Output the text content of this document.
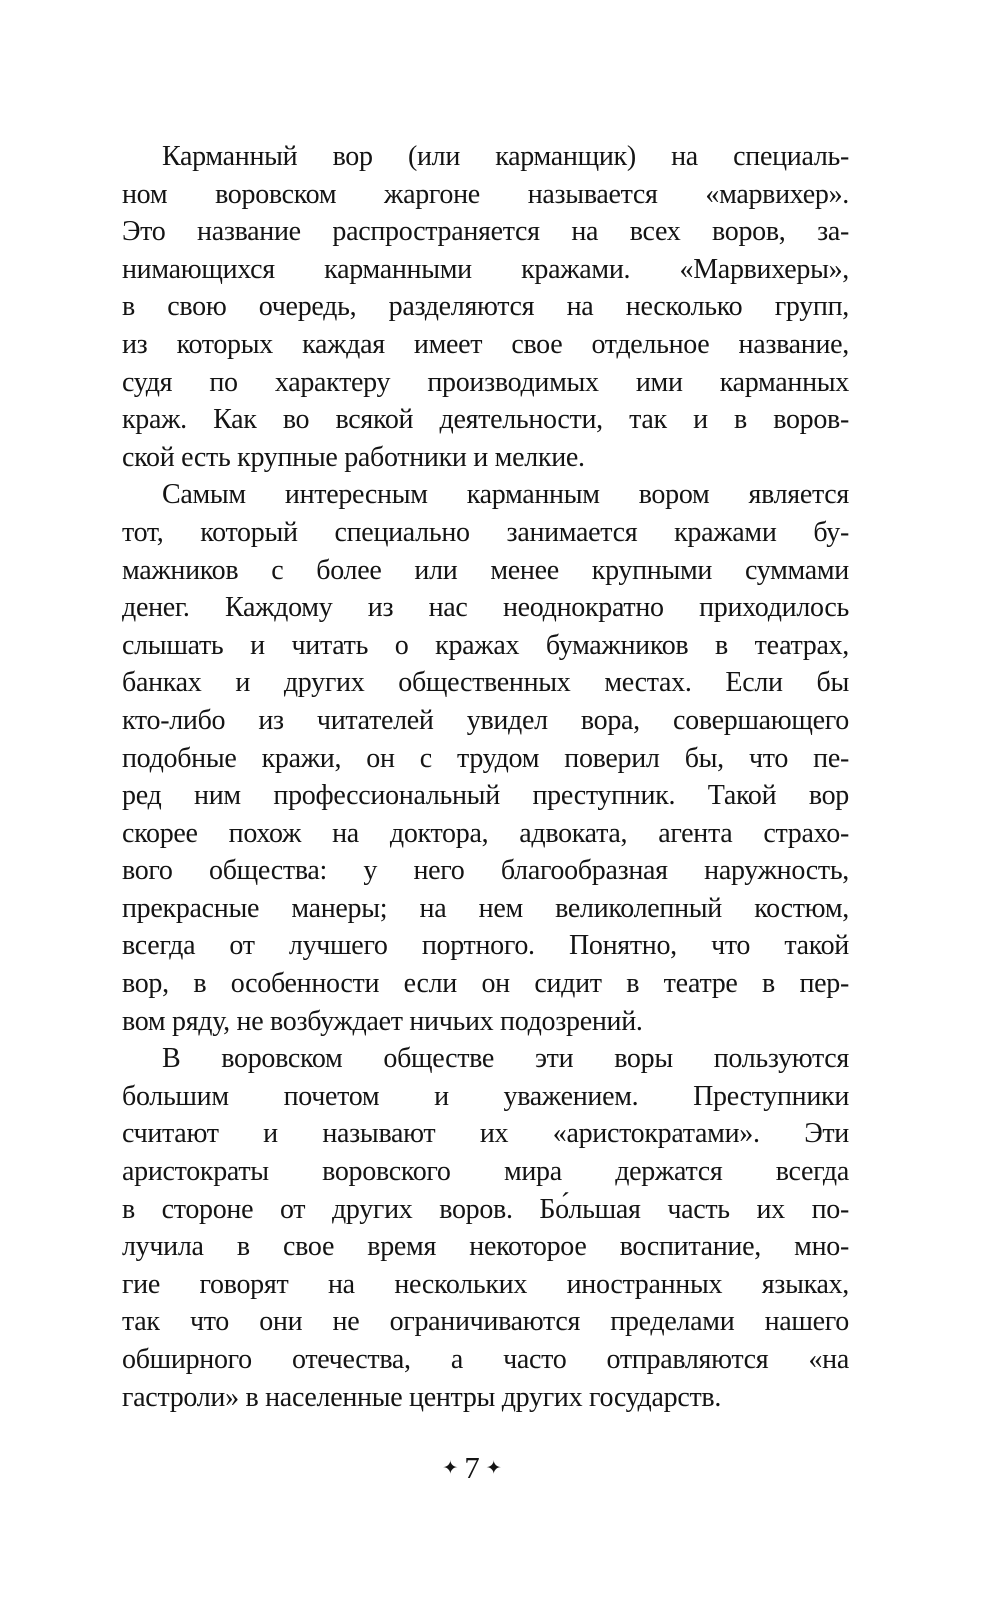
Карманный вор (или карманщик) на специаль-
ном воровском жаргоне называется «марвихер».
Это название распространяется на всех воров, за-
нимающихся карманными кражами. «Марвихеры»,
в свою очередь, разделяются на несколько групп,
из которых каждая имеет свое отдельное название,
судя по характеру производимых ими карманных
краж. Как во всякой деятельности, так и в воров-
ской есть крупные работники и мелкие.

Самым интересным карманным вором является
тот, который специально занимается кражами бу-
мажников с более или менее крупными суммами
денег. Каждому из нас неоднократно приходилось
слышать и читать о кражах бумажников в театрах,
банках и других общественных местах. Если бы
кто-либо из читателей увидел вора, совершающего
подобные кражи, он с трудом поверил бы, что пе-
ред ним профессиональный преступник. Такой вор
скорее похож на доктора, адвоката, агента страхо-
вого общества: у него благообразная наружность,
прекрасные манеры; на нем великолепный костюм,
всегда от лучшего портного. Понятно, что такой
вор, в особенности если он сидит в театре в пер-
вом ряду, не возбуждает ничьих подозрений.

В воровском обществе эти воры пользуются
большим почетом и уважением. Преступники
считают и называют их «аристократами». Эти
аристократы воровского мира держатся всегда
в стороне от других воров. Бо́льшая часть их по-
лучила в свое время некоторое воспитание, мно-
гие говорят на нескольких иностранных языках,
так что они не ограничиваются пределами нашего
обширного отечества, а часто отправляются «на
гастроли» в населенные центры других государств.

✦ 7 ✦
